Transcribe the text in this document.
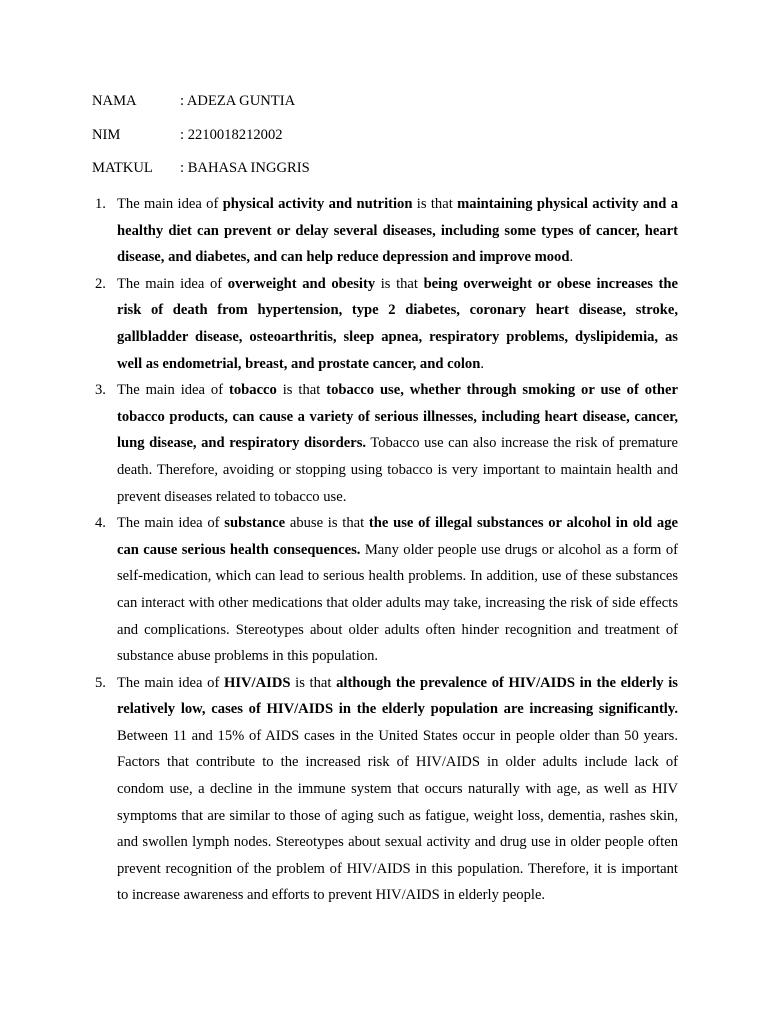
NAMA	: ADEZA GUNTIA
NIM	: 2210018212002
MATKUL : BAHASA INGGRIS
1. The main idea of physical activity and nutrition is that maintaining physical activity and a healthy diet can prevent or delay several diseases, including some types of cancer, heart disease, and diabetes, and can help reduce depression and improve mood.
2. The main idea of overweight and obesity is that being overweight or obese increases the risk of death from hypertension, type 2 diabetes, coronary heart disease, stroke, gallbladder disease, osteoarthritis, sleep apnea, respiratory problems, dyslipidemia, as well as endometrial, breast, and prostate cancer, and colon.
3. The main idea of tobacco is that tobacco use, whether through smoking or use of other tobacco products, can cause a variety of serious illnesses, including heart disease, cancer, lung disease, and respiratory disorders. Tobacco use can also increase the risk of premature death. Therefore, avoiding or stopping using tobacco is very important to maintain health and prevent diseases related to tobacco use.
4. The main idea of substance abuse is that the use of illegal substances or alcohol in old age can cause serious health consequences. Many older people use drugs or alcohol as a form of self-medication, which can lead to serious health problems. In addition, use of these substances can interact with other medications that older adults may take, increasing the risk of side effects and complications. Stereotypes about older adults often hinder recognition and treatment of substance abuse problems in this population.
5. The main idea of HIV/AIDS is that although the prevalence of HIV/AIDS in the elderly is relatively low, cases of HIV/AIDS in the elderly population are increasing significantly. Between 11 and 15% of AIDS cases in the United States occur in people older than 50 years. Factors that contribute to the increased risk of HIV/AIDS in older adults include lack of condom use, a decline in the immune system that occurs naturally with age, as well as HIV symptoms that are similar to those of aging such as fatigue, weight loss, dementia, rashes skin, and swollen lymph nodes. Stereotypes about sexual activity and drug use in older people often prevent recognition of the problem of HIV/AIDS in this population. Therefore, it is important to increase awareness and efforts to prevent HIV/AIDS in elderly people.
